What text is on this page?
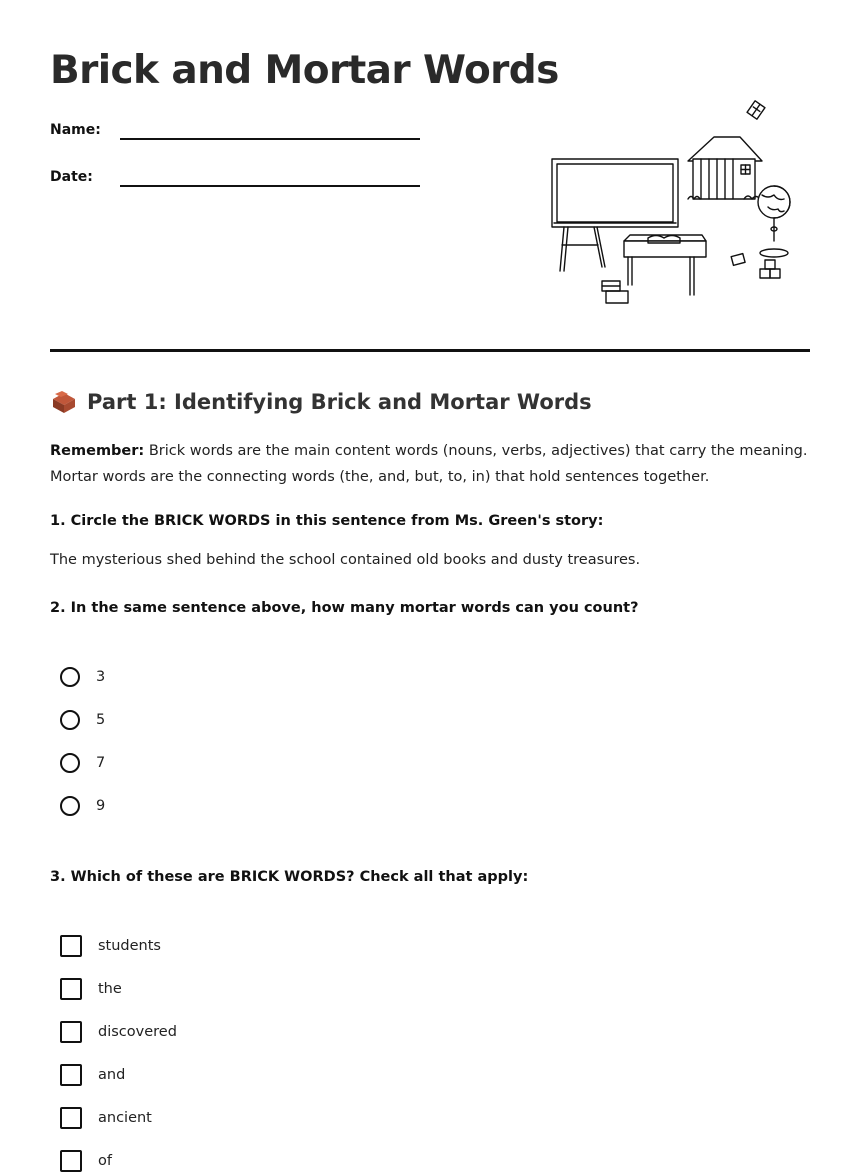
Brick and Mortar Words
Name:
Date:
Part 1: Identifying Brick and Mortar Words
Remember: Brick words are the main content words (nouns, verbs, adjectives) that carry the meaning. Mortar words are the connecting words (the, and, but, to, in) that hold sentences together.
1. Circle the BRICK WORDS in this sentence from Ms. Green's story:
The mysterious shed behind the school contained old books and dusty treasures.
2. In the same sentence above, how many mortar words can you count?
3
5
7
9
3. Which of these are BRICK WORDS? Check all that apply:
students
the
discovered
and
ancient
of
